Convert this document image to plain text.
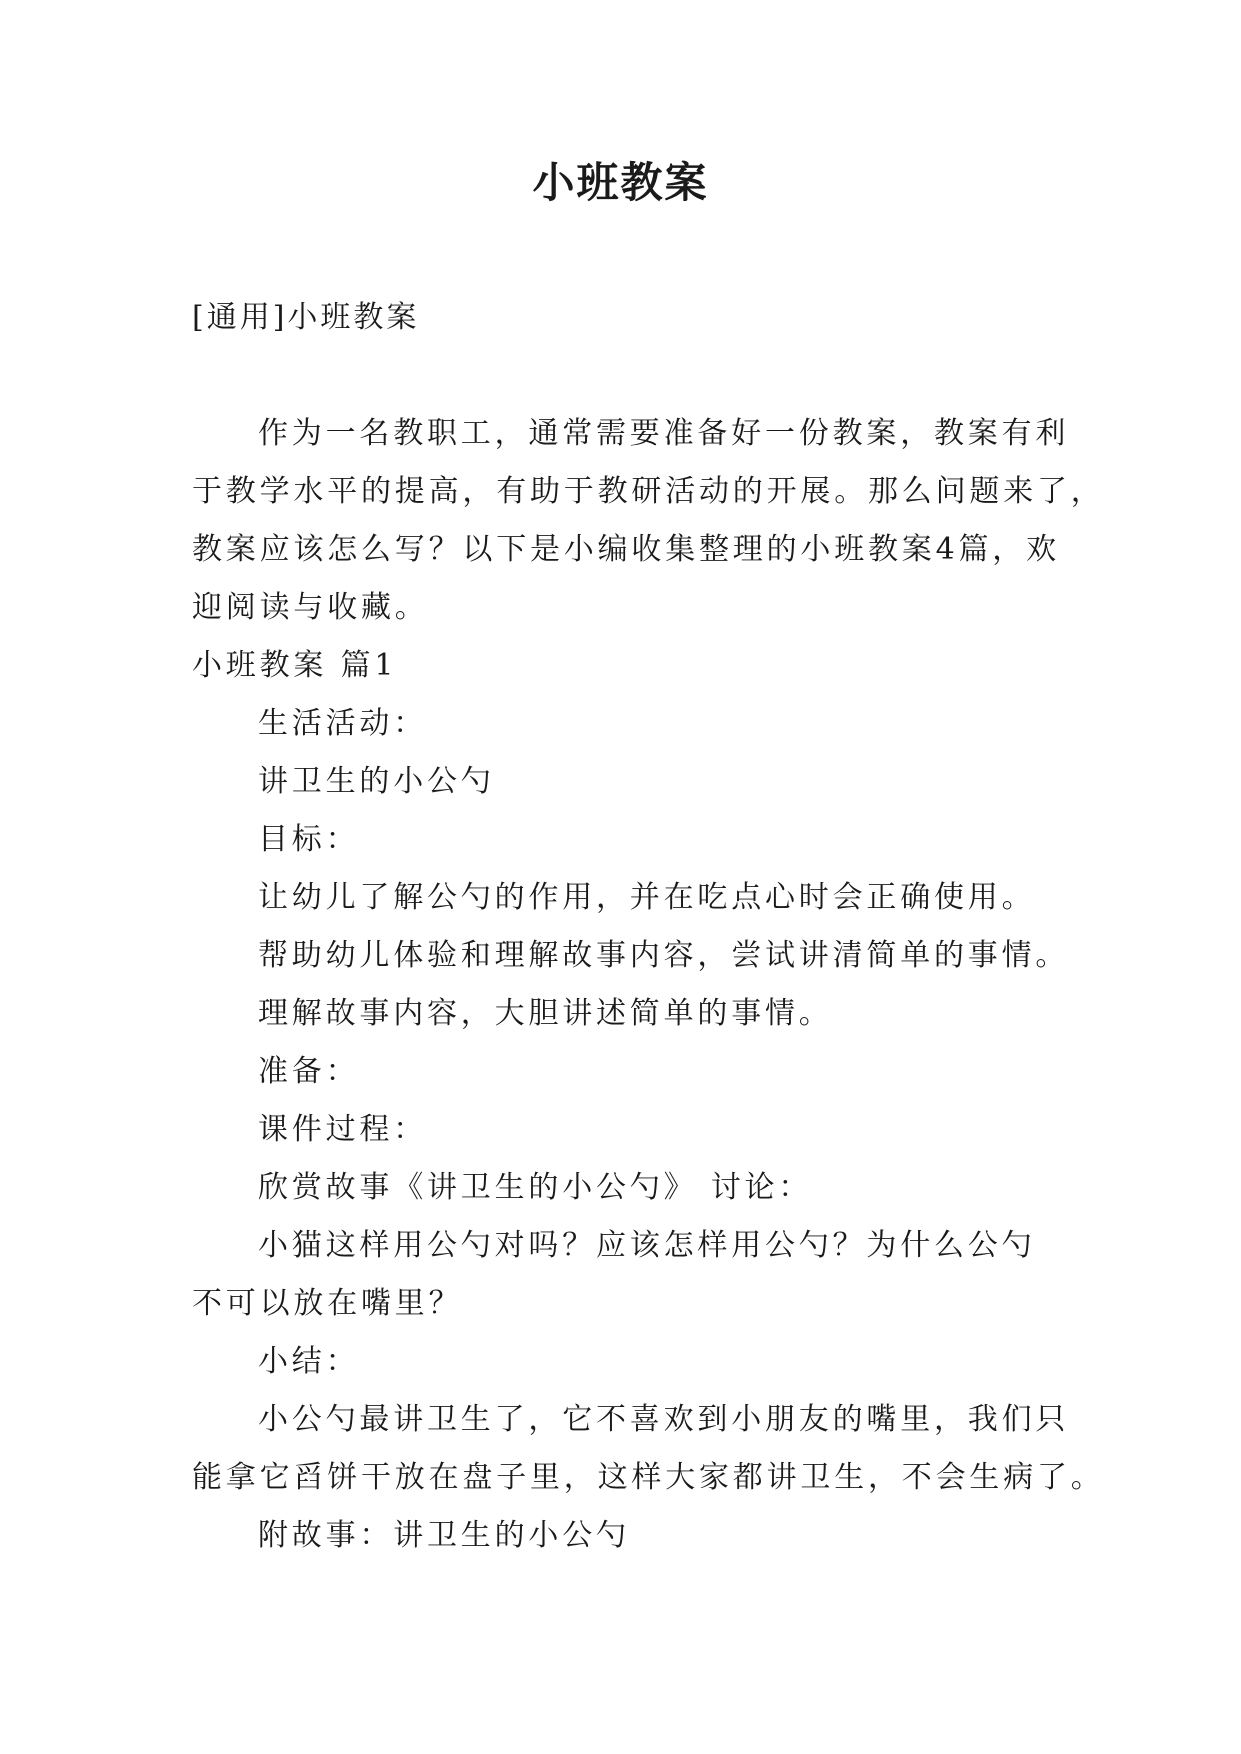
小班教案
[通用]小班教案

作为一名教职工，通常需要准备好一份教案，教案有利

于教学水平的提高，有助于教研活动的开展。那么问题来了，

教案应该怎么写？以下是小编收集整理的小班教案4篇，欢

迎阅读与收藏。

小班教案 篇1

生活活动：

讲卫生的小公勺

目标：

让幼儿了解公勺的作用，并在吃点心时会正确使用。

帮助幼儿体验和理解故事内容，尝试讲清简单的事情。

理解故事内容，大胆讲述简单的事情。

准备：

课件过程：

欣赏故事《讲卫生的小公勺》 讨论：

小猫这样用公勺对吗？应该怎样用公勺？为什么公勺

不可以放在嘴里？

小结：

小公勺最讲卫生了，它不喜欢到小朋友的嘴里，我们只

能拿它舀饼干放在盘子里，这样大家都讲卫生，不会生病了。

附故事：讲卫生的小公勺
